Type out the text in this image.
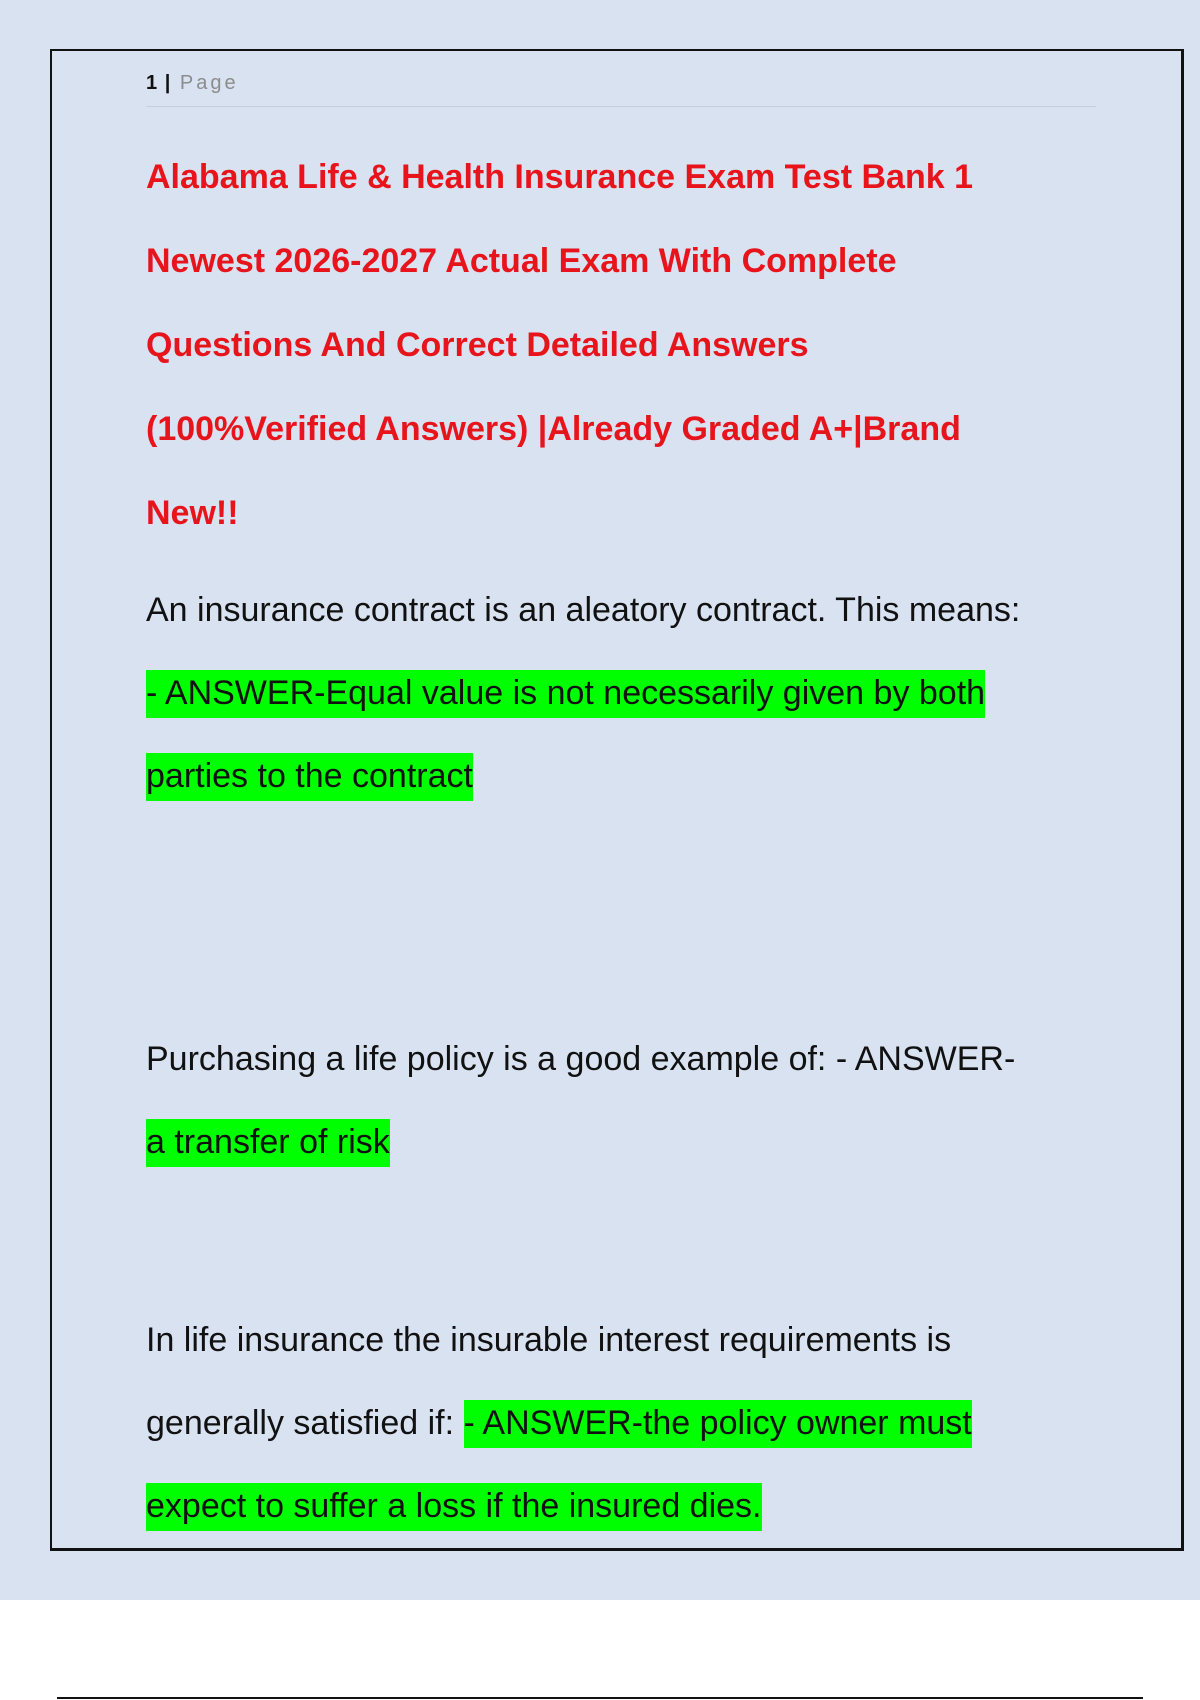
1 | Page

Alabama Life & Health Insurance Exam Test Bank 1

Newest 2026-2027 Actual Exam With Complete

Questions And Correct Detailed Answers

(100%Verified Answers) |Already Graded A+|Brand

New!!

An insurance contract is an aleatory contract. This means:

- ANSWER-Equal value is not necessarily given by both

parties to the contract

Purchasing a life policy is a good example of: - ANSWER-

a transfer of risk

In life insurance the insurable interest requirements is

generally satisfied if: - ANSWER-the policy owner must

expect to suffer a loss if the insured dies.
